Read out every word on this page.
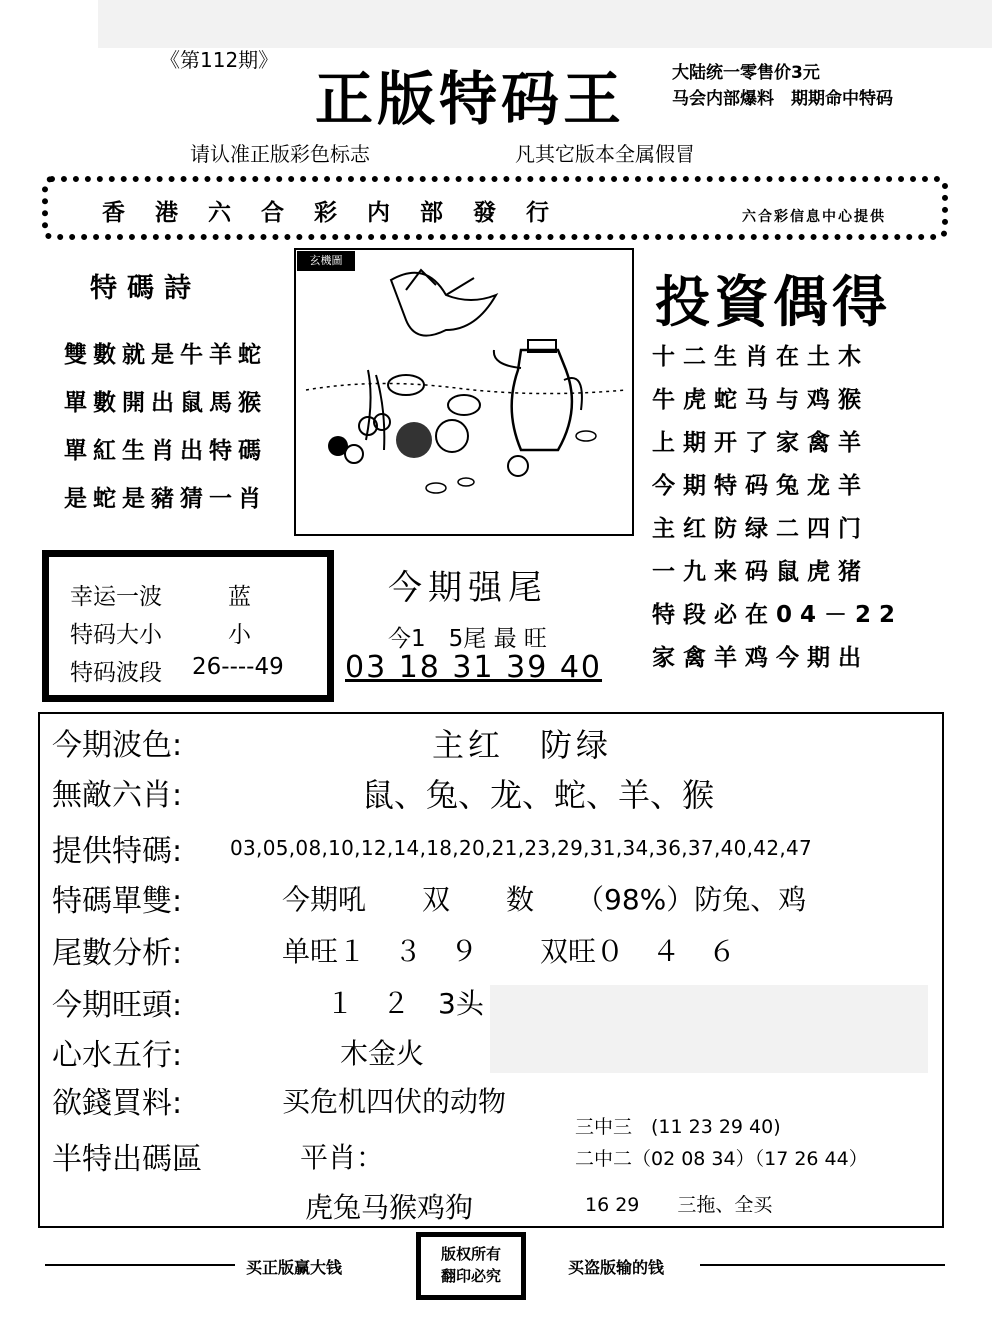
《第112期》
正版特码王	大陆统一零售价3元
马会内部爆料　期期命中特码
请认准正版彩色标志	凡其它版本全属假冒
香港六合彩内部發行	六合彩信息中心提供
特碼詩
雙數就是牛羊蛇
單數開出鼠馬猴
單紅生肖出特碼
是蛇是豬猜一肖
玄機圖
投資偶得
十二生肖在土木
牛虎蛇马与鸡猴
上期开了家禽羊
今期特码兔龙羊
主红防绿二四门
一九来码鼠虎猪
特段必在04－22
家禽羊鸡今期出
幸运一波	蓝
特码大小	小
特码波段 26----49
今期强尾
今1　5尾 最 旺
03 18 31 39 40
今期波色:	主红　防绿
無敵六肖:	鼠、兔、龙、蛇、羊、猴
提供特碼: 03,05,08,10,12,14,18,20,21,23,29,31,34,36,37,40,42,47
特碼單雙:	今期吼　　双　　数　　（98%）防兔、鸡
尾數分析:	单旺１　３　９ 双旺０　４　６
今期旺頭:	１　２　3头
心水五行:	木金火
欲錢買料:	买危机四伏的动物
三中三　(11 23 29 40)
二中二（02 08 34）（17 26 44）
半特出碼區	平肖：
虎兔马猴鸡狗	16 29　　三拖、全买
买正版赢大钱
版权所有
翻印必究	买盗版输的钱
